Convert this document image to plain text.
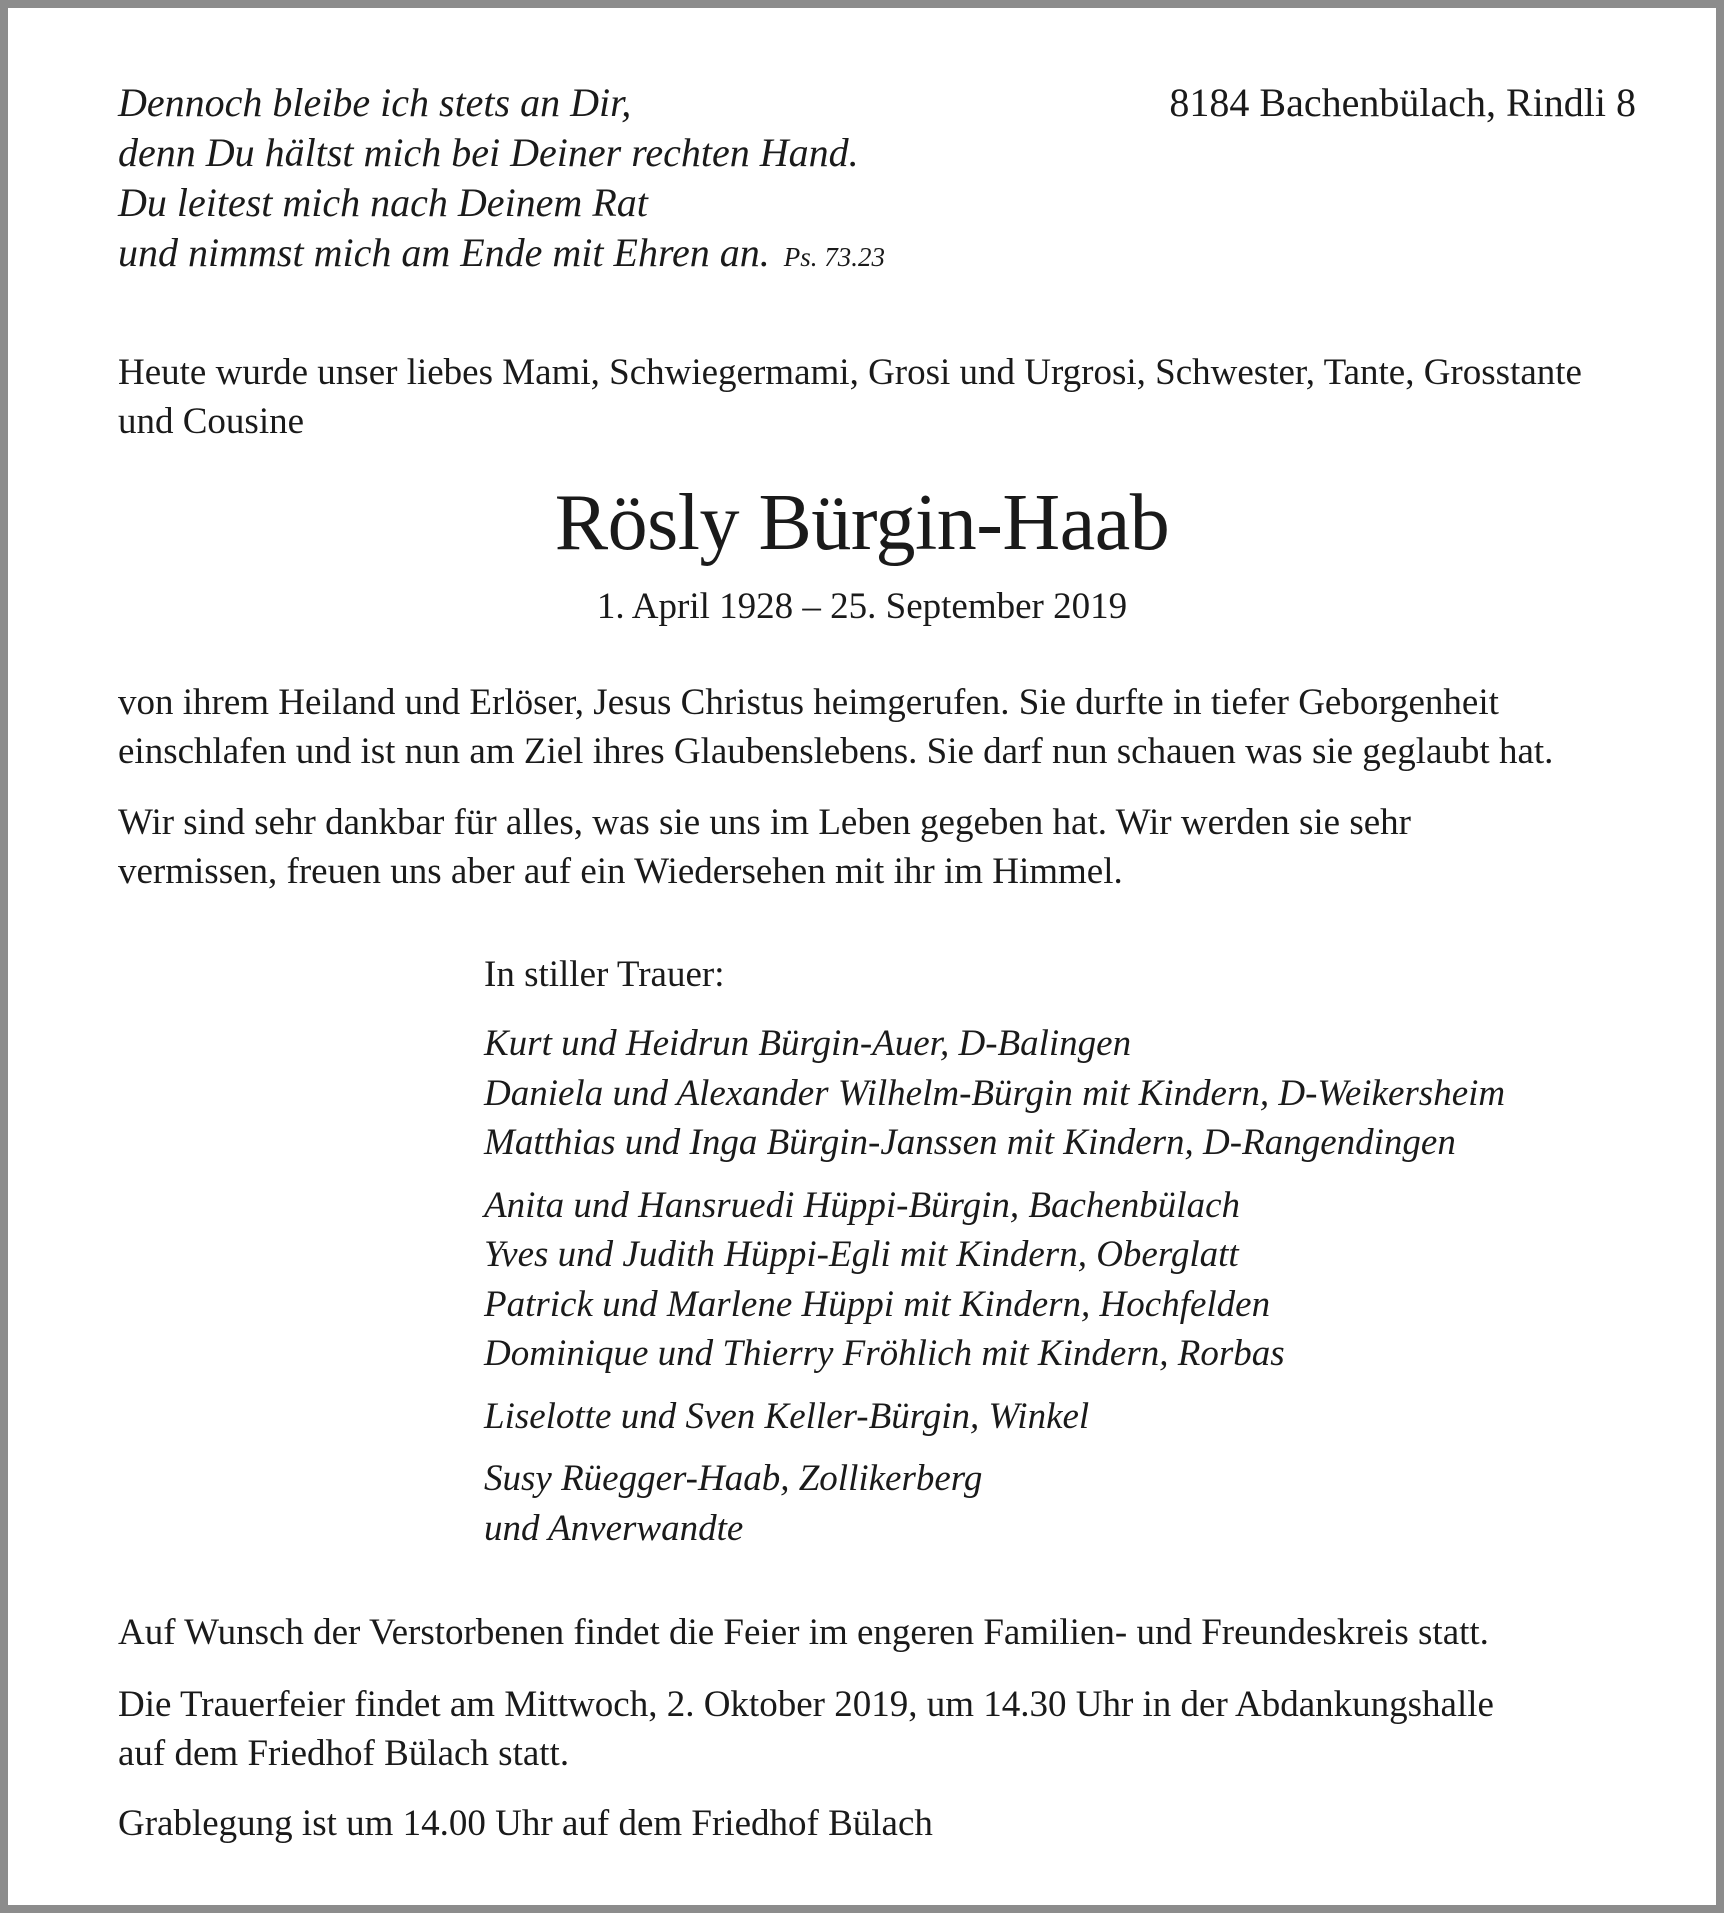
Dennoch bleibe ich stets an Dir,
denn Du hältst mich bei Deiner rechten Hand.
Du leitest mich nach Deinem Rat
und nimmst mich am Ende mit Ehren an. Ps. 73.23
8184 Bachenbülach, Rindli 8
Heute wurde unser liebes Mami, Schwiegermami, Grosi und Urgrosi, Schwester, Tante, Grosstante
und Cousine
Rösly Bürgin-Haab
1. April 1928 – 25. September 2019
von ihrem Heiland und Erlöser, Jesus Christus heimgerufen. Sie durfte in tiefer Geborgenheit
einschlafen und ist nun am Ziel ihres Glaubenslebens. Sie darf nun schauen was sie geglaubt hat.
Wir sind sehr dankbar für alles, was sie uns im Leben gegeben hat. Wir werden sie sehr
vermissen, freuen uns aber auf ein Wiedersehen mit ihr im Himmel.
In stiller Trauer:
Kurt und Heidrun Bürgin-Auer, D-Balingen
Daniela und Alexander Wilhelm-Bürgin mit Kindern, D-Weikersheim
Matthias und Inga Bürgin-Janssen mit Kindern, D-Rangendingen
Anita und Hansruedi Hüppi-Bürgin, Bachenbülach
Yves und Judith Hüppi-Egli mit Kindern, Oberglatt
Patrick und Marlene Hüppi mit Kindern, Hochfelden
Dominique und Thierry Fröhlich mit Kindern, Rorbas
Liselotte und Sven Keller-Bürgin, Winkel
Susy Rüegger-Haab, Zollikerberg
und Anverwandte
Auf Wunsch der Verstorbenen findet die Feier im engeren Familien- und Freundeskreis statt.
Die Trauerfeier findet am Mittwoch, 2. Oktober 2019, um 14.30 Uhr in der Abdankungshalle
auf dem Friedhof Bülach statt.
Grablegung ist um 14.00 Uhr auf dem Friedhof Bülach
